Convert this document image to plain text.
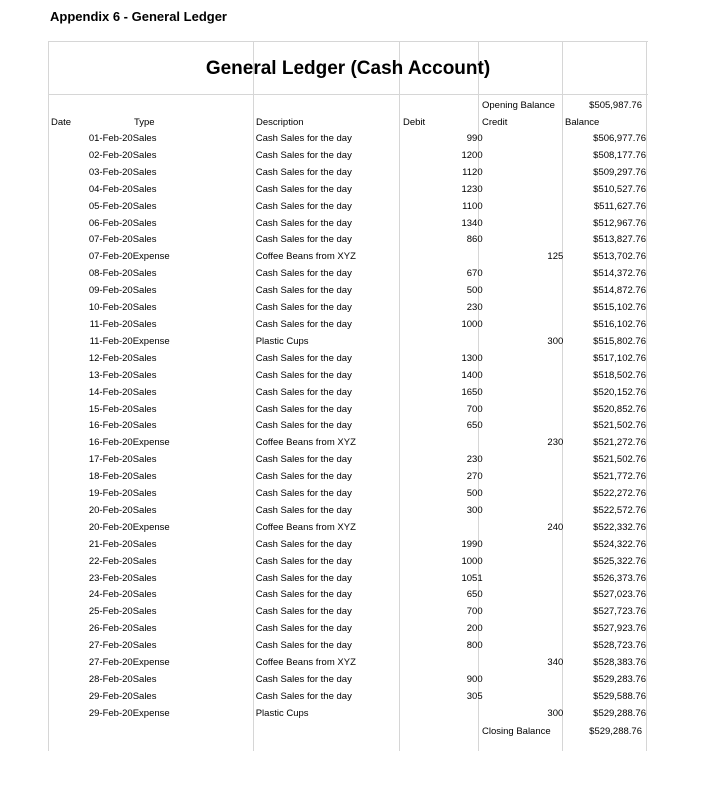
Appendix 6 - General Ledger
General Ledger (Cash Account)
Opening Balance	$505,987.76
Date	Type	Description	Debit	Credit	Balance
01-Feb-20	Sales	Cash Sales for the day	990		$506,977.76
02-Feb-20	Sales	Cash Sales for the day	1200		$508,177.76
03-Feb-20	Sales	Cash Sales for the day	1120		$509,297.76
04-Feb-20	Sales	Cash Sales for the day	1230		$510,527.76
05-Feb-20	Sales	Cash Sales for the day	1100		$511,627.76
06-Feb-20	Sales	Cash Sales for the day	1340		$512,967.76
07-Feb-20	Sales	Cash Sales for the day	860		$513,827.76
07-Feb-20	Expense	Coffee Beans from XYZ		125	$513,702.76
08-Feb-20	Sales	Cash Sales for the day	670		$514,372.76
09-Feb-20	Sales	Cash Sales for the day	500		$514,872.76
10-Feb-20	Sales	Cash Sales for the day	230		$515,102.76
11-Feb-20	Sales	Cash Sales for the day	1000		$516,102.76
11-Feb-20	Expense	Plastic Cups		300	$515,802.76
12-Feb-20	Sales	Cash Sales for the day	1300		$517,102.76
13-Feb-20	Sales	Cash Sales for the day	1400		$518,502.76
14-Feb-20	Sales	Cash Sales for the day	1650		$520,152.76
15-Feb-20	Sales	Cash Sales for the day	700		$520,852.76
16-Feb-20	Sales	Cash Sales for the day	650		$521,502.76
16-Feb-20	Expense	Coffee Beans from XYZ		230	$521,272.76
17-Feb-20	Sales	Cash Sales for the day	230		$521,502.76
18-Feb-20	Sales	Cash Sales for the day	270		$521,772.76
19-Feb-20	Sales	Cash Sales for the day	500		$522,272.76
20-Feb-20	Sales	Cash Sales for the day	300		$522,572.76
20-Feb-20	Expense	Coffee Beans from XYZ		240	$522,332.76
21-Feb-20	Sales	Cash Sales for the day	1990		$524,322.76
22-Feb-20	Sales	Cash Sales for the day	1000		$525,322.76
23-Feb-20	Sales	Cash Sales for the day	1051		$526,373.76
24-Feb-20	Sales	Cash Sales for the day	650		$527,023.76
25-Feb-20	Sales	Cash Sales for the day	700		$527,723.76
26-Feb-20	Sales	Cash Sales for the day	200		$527,923.76
27-Feb-20	Sales	Cash Sales for the day	800		$528,723.76
27-Feb-20	Expense	Coffee Beans from XYZ		340	$528,383.76
28-Feb-20	Sales	Cash Sales for the day	900		$529,283.76
29-Feb-20	Sales	Cash Sales for the day	305		$529,588.76
29-Feb-20	Expense	Plastic Cups		300	$529,288.76
Closing Balance	$529,288.76
